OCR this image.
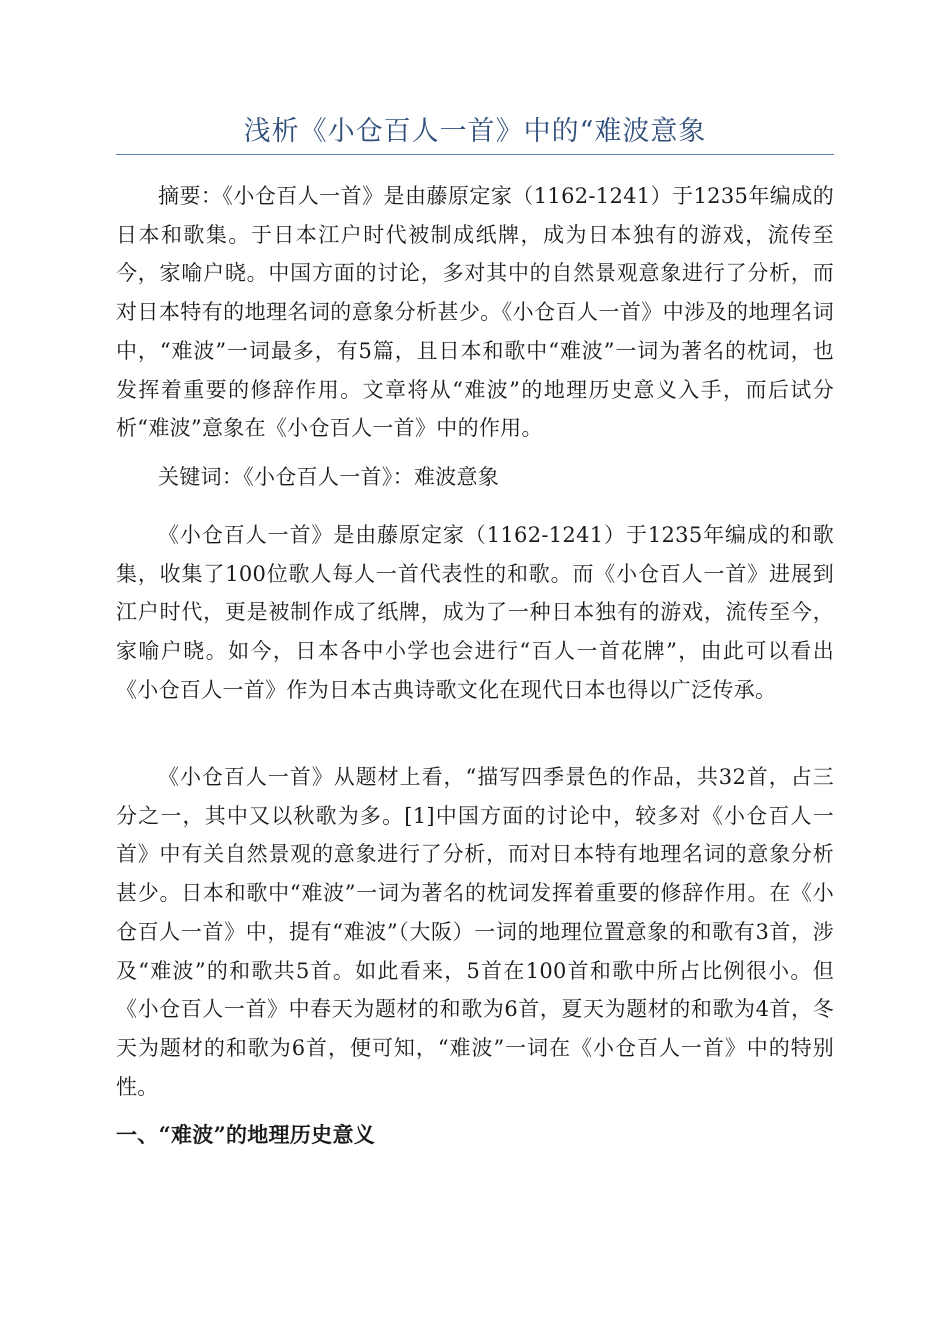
浅析《小仓百人一首》中的“难波意象

摘要：《小仓百人一首》是由藤原定家（1162-1241）于1235年编成的日本和歌集。于日本江户时代被制成纸牌，成为日本独有的游戏，流传至今，家喻户晓。中国方面的讨论，多对其中的自然景观意象进行了分析，而对日本特有的地理名词的意象分析甚少。《小仓百人一首》中涉及的地理名词中，“难波”一词最多，有5篇，且日本和歌中“难波”一词为著名的枕词，也发挥着重要的修辞作用。文章将从“难波”的地理历史意义入手，而后试分析“难波”意象在《小仓百人一首》中的作用。

关键词：《小仓百人一首》：难波意象

《小仓百人一首》是由藤原定家（1162-1241）于1235年编成的和歌集，收集了100位歌人每人一首代表性的和歌。而《小仓百人一首》进展到江户时代，更是被制作成了纸牌，成为了一种日本独有的游戏，流传至今，家喻户晓。如今，日本各中小学也会进行“百人一首花牌”，由此可以看出《小仓百人一首》作为日本古典诗歌文化在现代日本也得以广泛传承。

《小仓百人一首》从题材上看，“描写四季景色的作品，共32首，占三分之一，其中又以秋歌为多。[1]中国方面的讨论中，较多对《小仓百人一首》中有关自然景观的意象进行了分析，而对日本特有地理名词的意象分析甚少。日本和歌中“难波”一词为著名的枕词发挥着重要的修辞作用。在《小仓百人一首》中，提有“难波”（大阪）一词的地理位置意象的和歌有3首，涉及“难波”的和歌共5首。如此看来，5首在100首和歌中所占比例很小。但《小仓百人一首》中春天为题材的和歌为6首，夏天为题材的和歌为4首，冬天为题材的和歌为6首，便可知，“难波”一词在《小仓百人一首》中的特别性。

一、“难波”的地理历史意义
